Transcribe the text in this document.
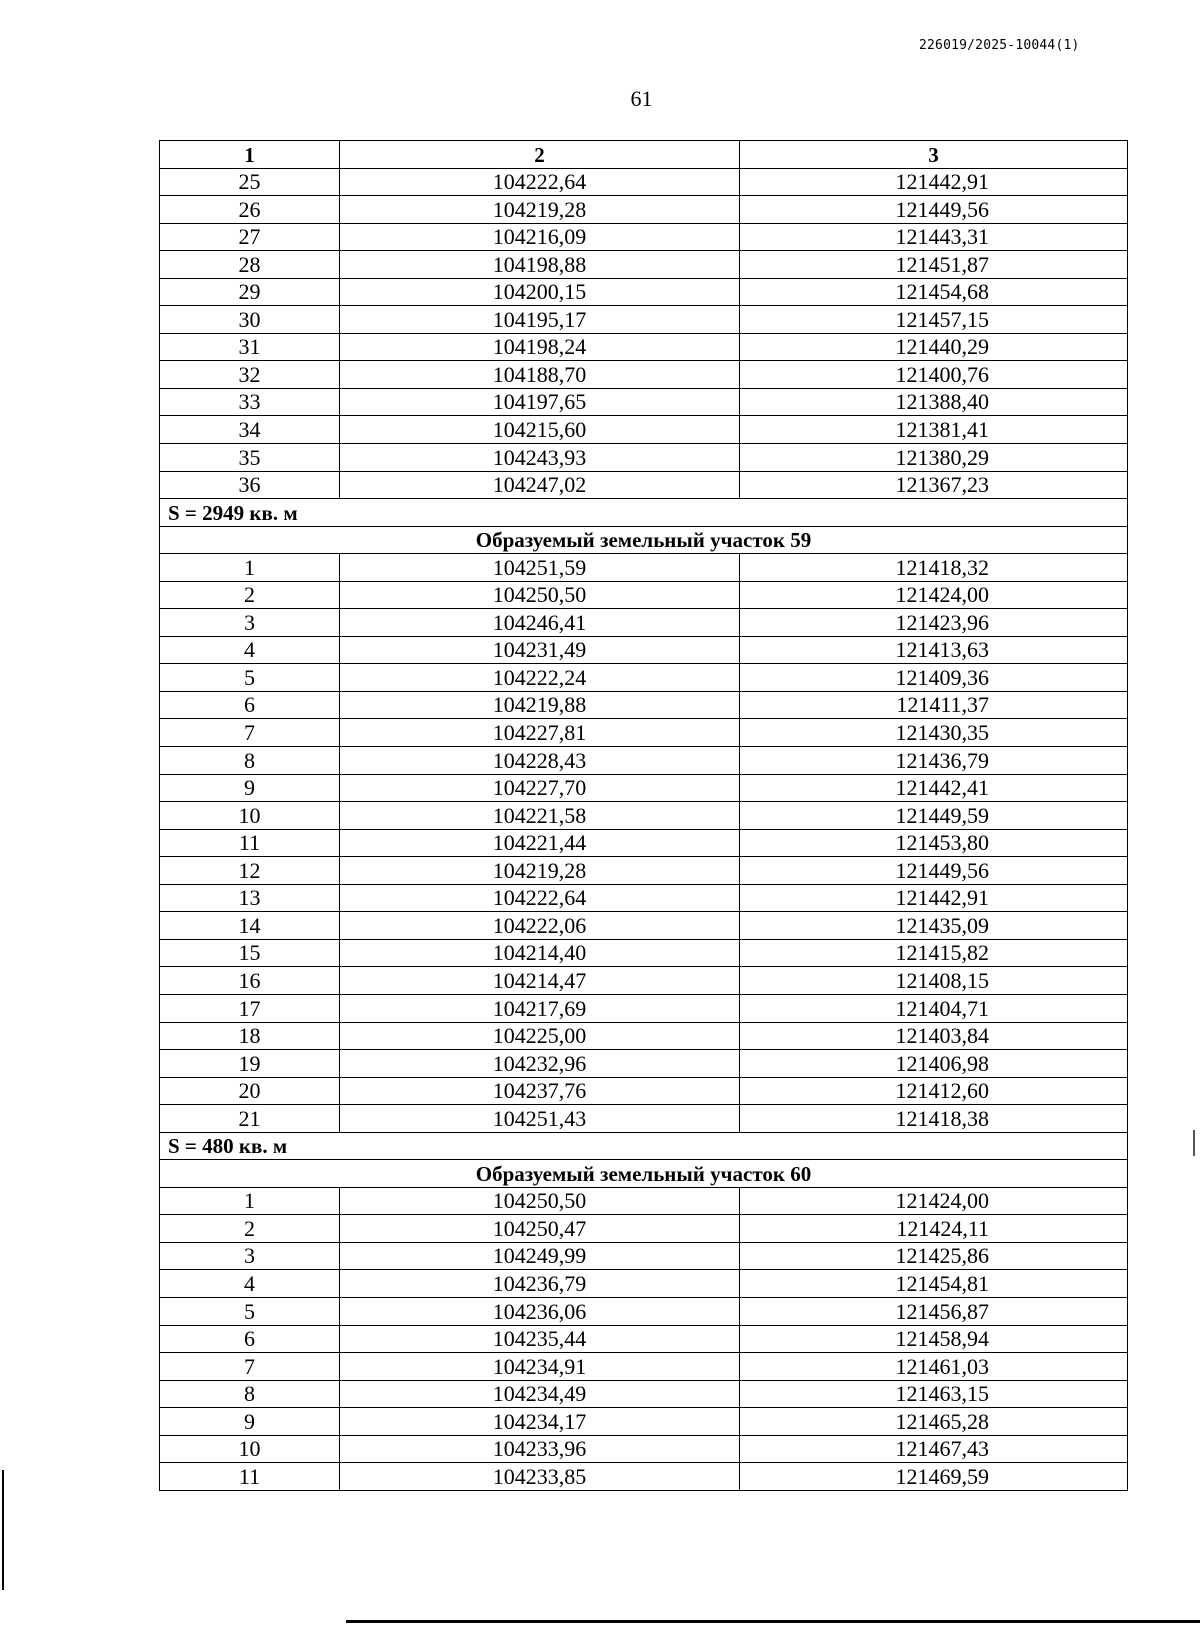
226019/2025-10044(1)
61
1	2	3
25	104222,64	121442,91
26	104219,28	121449,56
27	104216,09	121443,31
28	104198,88	121451,87
29	104200,15	121454,68
30	104195,17	121457,15
31	104198,24	121440,29
32	104188,70	121400,76
33	104197,65	121388,40
34	104215,60	121381,41
35	104243,93	121380,29
36	104247,02	121367,23
S = 2949 кв. м		
Образуемый земельный участок 59		
1	104251,59	121418,32
2	104250,50	121424,00
3	104246,41	121423,96
4	104231,49	121413,63
5	104222,24	121409,36
6	104219,88	121411,37
7	104227,81	121430,35
8	104228,43	121436,79
9	104227,70	121442,41
10	104221,58	121449,59
11	104221,44	121453,80
12	104219,28	121449,56
13	104222,64	121442,91
14	104222,06	121435,09
15	104214,40	121415,82
16	104214,47	121408,15
17	104217,69	121404,71
18	104225,00	121403,84
19	104232,96	121406,98
20	104237,76	121412,60
21	104251,43	121418,38
S = 480 кв. м		
Образуемый земельный участок 60		
1	104250,50	121424,00
2	104250,47	121424,11
3	104249,99	121425,86
4	104236,79	121454,81
5	104236,06	121456,87
6	104235,44	121458,94
7	104234,91	121461,03
8	104234,49	121463,15
9	104234,17	121465,28
10	104233,96	121467,43
11	104233,85	121469,59
